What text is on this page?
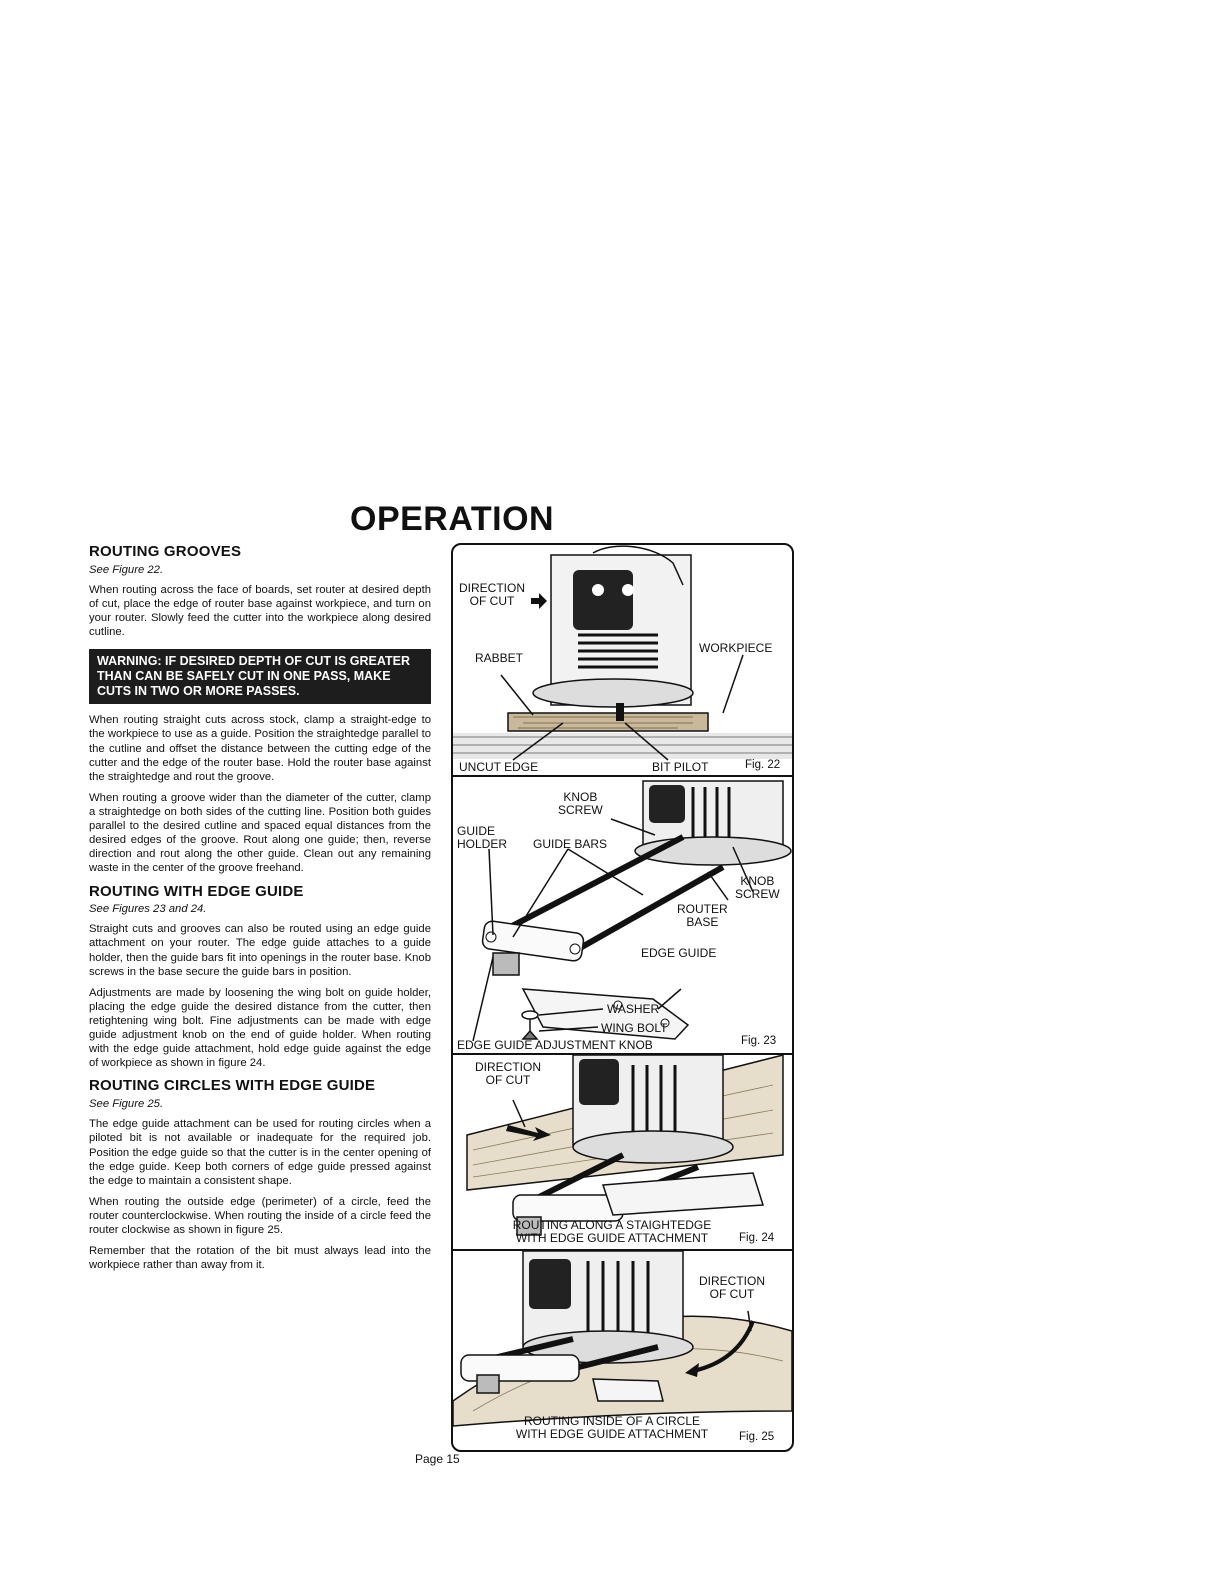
OPERATION
ROUTING GROOVES
See Figure 22.

When routing across the face of boards, set router at desired depth of cut, place the edge of router base against workpiece, and turn on your router. Slowly feed the cutter into the workpiece along desired cutline.

WARNING: IF DESIRED DEPTH OF CUT IS GREATER THAN CAN BE SAFELY CUT IN ONE PASS, MAKE CUTS IN TWO OR MORE PASSES.

When routing straight cuts across stock, clamp a straight-edge to the workpiece to use as a guide. Position the straightedge parallel to the cutline and offset the distance between the cutting edge of the cutter and the edge of the router base. Hold the router base against the straightedge and rout the groove.

When routing a groove wider than the diameter of the cutter, clamp a straightedge on both sides of the cutting line. Position both guides parallel to the desired cutline and spaced equal distances from the desired edges of the groove. Rout along one guide; then, reverse direction and rout along the other guide. Clean out any remaining waste in the center of the groove freehand.

ROUTING WITH EDGE GUIDE
See Figures 23 and 24.

Straight cuts and grooves can also be routed using an edge guide attachment on your router. The edge guide attaches to a guide holder, then the guide bars fit into openings in the router base. Knob screws in the base secure the guide bars in position.

Adjustments are made by loosening the wing bolt on guide holder, placing the edge guide the desired distance from the cutter, then retightening wing bolt. Fine adjustments can be made with edge guide adjustment knob on the end of guide holder. When routing with the edge guide attachment, hold edge guide against the edge of workpiece as shown in figure 24.

ROUTING CIRCLES WITH EDGE GUIDE
See Figure 25.

The edge guide attachment can be used for routing circles when a piloted bit is not available or inadequate for the required job. Position the edge guide so that the cutter is in the center opening of the edge guide. Keep both corners of edge guide pressed against the edge to maintain a consistent shape.

When routing the outside edge (perimeter) of a circle, feed the router counterclockwise. When routing the inside of a circle feed the router clockwise as shown in figure 25.

Remember that the rotation of the bit must always lead into the workpiece rather than away from it.

DIRECTION
OF CUT
RABBET
WORKPIECE
UNCUT EDGE	BIT PILOT	Fig. 22
KNOB
SCREW
GUIDE
HOLDER GUIDE BARS
KNOB
SCREW
ROUTER
BASE
EDGE GUIDE
WASHER
WING BOLT
EDGE GUIDE ADJUSTMENT KNOB	Fig. 23
DIRECTION
OF CUT
ROUTING ALONG A STAIGHTEDGE
WITH EDGE GUIDE ATTACHMENT	Fig. 24
DIRECTION
OF CUT
ROUTING INSIDE OF A CIRCLE
WITH EDGE GUIDE ATTACHMENT	Fig. 25
Page 15
